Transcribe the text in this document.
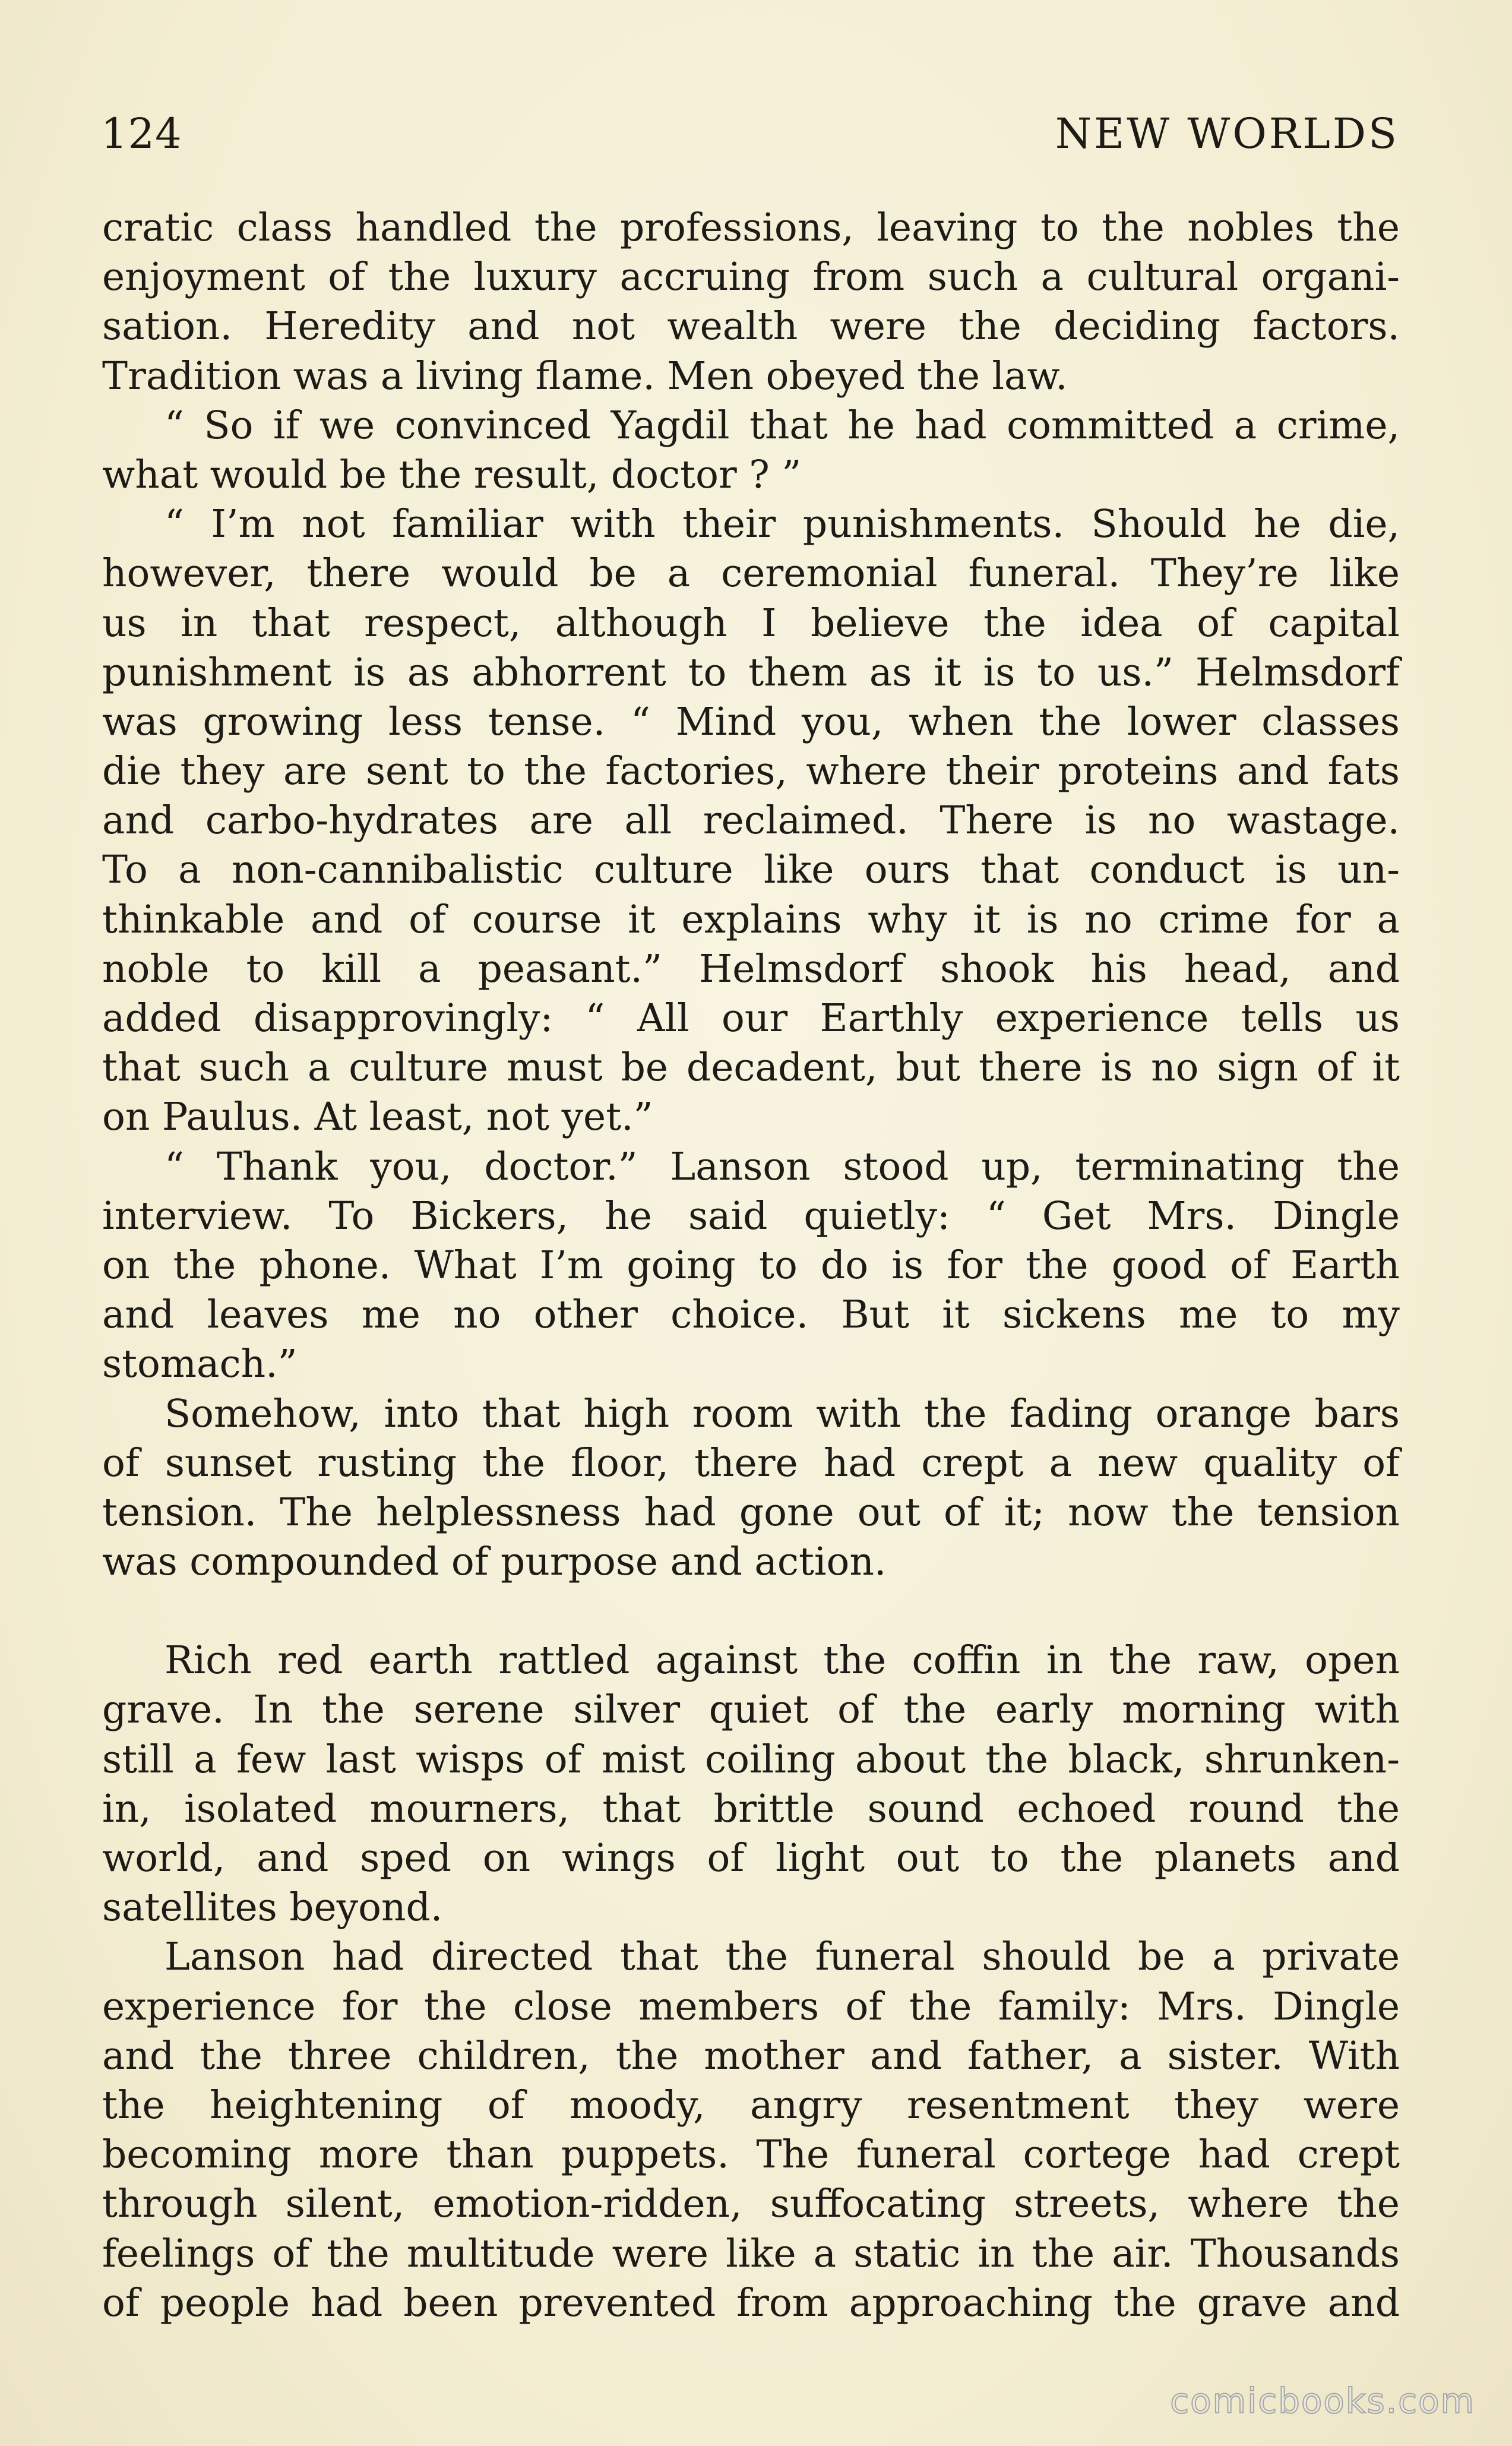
124	NEW WORLDS
cratic class handled the professions, leaving to the nobles the
enjoyment of the luxury accruing from such a cultural organi-
sation. Heredity and not wealth were the deciding factors.
Tradition was a living flame. Men obeyed the law.
“ So if we convinced Yagdil that he had committed a crime,
what would be the result, doctor ? ”
“ I’m not familiar with their punishments. Should he die,
however, there would be a ceremonial funeral. They’re like
us in that respect, although I believe the idea of capital
punishment is as abhorrent to them as it is to us.” Helmsdorf
was growing less tense. “ Mind you, when the lower classes
die they are sent to the factories, where their proteins and fats
and carbo-hydrates are all reclaimed. There is no wastage.
To a non-cannibalistic culture like ours that conduct is un-
thinkable and of course it explains why it is no crime for a
noble to kill a peasant.” Helmsdorf shook his head, and
added disapprovingly: “ All our Earthly experience tells us
that such a culture must be decadent, but there is no sign of it
on Paulus. At least, not yet.”
“ Thank you, doctor.” Lanson stood up, terminating the
interview. To Bickers, he said quietly: “ Get Mrs. Dingle
on the phone. What I’m going to do is for the good of Earth
and leaves me no other choice. But it sickens me to my
stomach.”
Somehow, into that high room with the fading orange bars
of sunset rusting the floor, there had crept a new quality of
tension. The helplessness had gone out of it; now the tension
was compounded of purpose and action.
Rich red earth rattled against the coffin in the raw, open
grave. In the serene silver quiet of the early morning with
still a few last wisps of mist coiling about the black, shrunken-
in, isolated mourners, that brittle sound echoed round the
world, and sped on wings of light out to the planets and
satellites beyond.
Lanson had directed that the funeral should be a private
experience for the close members of the family: Mrs. Dingle
and the three children, the mother and father, a sister. With
the heightening of moody, angry resentment they were
becoming more than puppets. The funeral cortege had crept
through silent, emotion-ridden, suffocating streets, where the
feelings of the multitude were like a static in the air. Thousands
of people had been prevented from approaching the grave and
comicbooks.com
